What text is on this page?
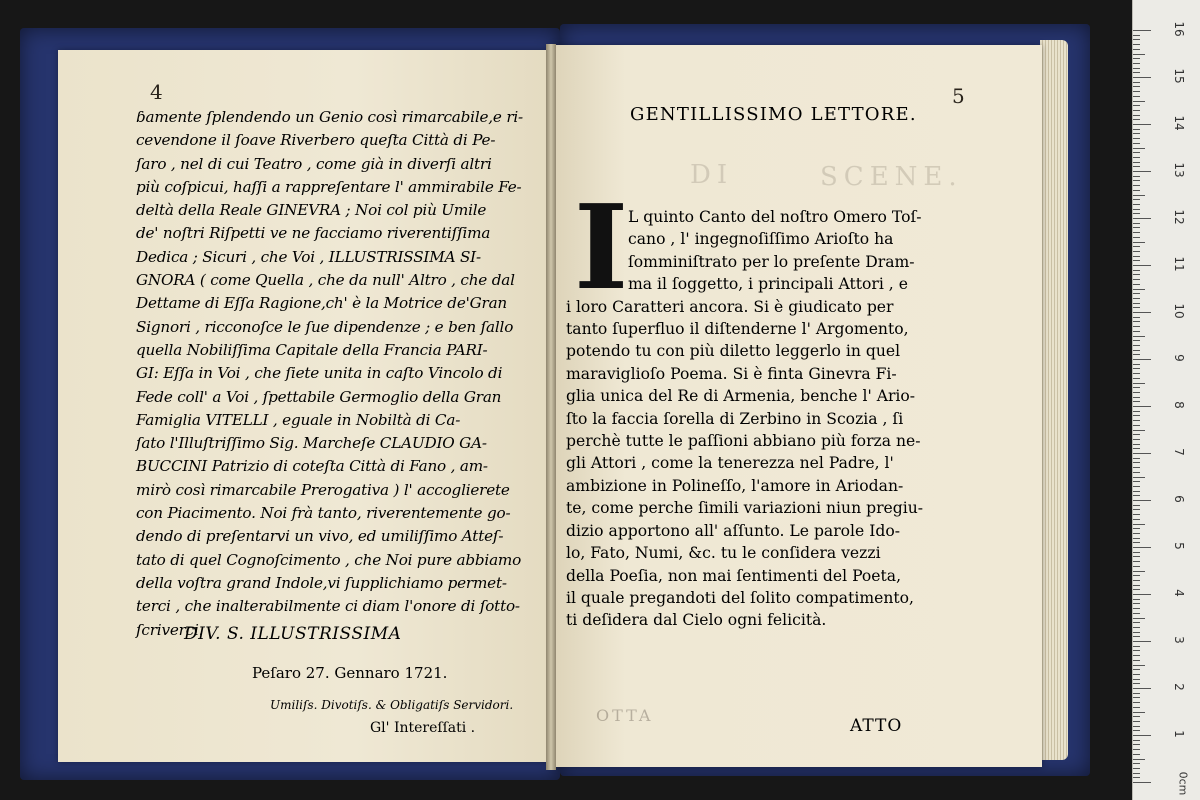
4
ɓamente ſplendendo un Genio così rimarcabile,e ri-
cevendone il ſoave Riverbero queſta Città di Pe-
ſaro , nel di cui Teatro , come già in diverſi altri
più coſpicui, haſſi a rappreſentare l' ammirabile Fe-
deltà della Reale GINEVRA ; Noi col più Umile
de' noſtri Riſpetti ve ne facciamo riverentiſſima
Dedica ; Sicuri , che Voi , ILLUSTRISSIMA SI-
GNORA ( come Quella , che da null' Altro , che dal
Dettame di Eſſa Ragione,ch' è la Motrice de'Gran
Signori , ricconoſce le ſue dipendenze ; e ben ſallo
quella Nobiliſſima Capitale della Francia PARI-
GI: Eſſa in Voi , che ſiete unita in caſto Vincolo di
Fede coll' a Voi , ſpettabile Germoglio della Gran
Famiglia VITELLI , eguale in Nobiltà di Ca-
ſato l'Illuſtriſſimo Sig. Marcheſe CLAUDIO GA-
BUCCINI Patrizio di coteſta Città di Fano , am-
mirò così rimarcabile Prerogativa ) l' accoglierete
con Piacimento. Noi frà tanto, riverentemente go-
dendo di preſentarvi un vivo, ed umiliſſimo Atteſ-
tato di quel Cognoſcimento , che Noi pure abbiamo
della voſtra grand Indole,vi ſupplichiamo permet-
terci , che inalterabilmente ci diam l'onore di ſotto-
ſcriverci.
DIV. S. ILLUSTRISSIMA
Peſaro 27. Gennaro 1721.
Umiliſs. Divotiſs. & Obligatiſs Servidori.
Gl' Intereſſati .
5
GENTILLISSIMO LETTORE.
DI	SCENE.
I L quinto Canto del noſtro Omero Toſ-
cano , l' ingegnoſiſſimo Arioſto ha
ſomminiſtrato per lo preſente Dram-
ma il ſoggetto, i principali Attori , e
i loro Caratteri ancora. Si è giudicato per
tanto ſuperfluo il diſtenderne l' Argomento,
potendo tu con più diletto leggerlo in quel
maraviglioſo Poema. Si è finta Ginevra Fi-
glia unica del Re di Armenia, benche l' Ario-
ſto la faccia ſorella di Zerbino in Scozia , ſi
perchè tutte le paſſioni abbiano più forza ne-
gli Attori , come la tenerezza nel Padre, l'
ambizione in Polineſſo, l'amore in Ariodan-
te, come perche ſimili variazioni niun pregiu-
dizio apportono all' aſſunto. Le parole Ido-
lo, Fato, Numi, &c. tu le conſidera vezzi
della Poeſia, non mai ſentimenti del Poeta,
il quale pregandoti del ſolito compatimento,
ti deſidera dal Cielo ogni felicità.
OTTA
ATTO
0cm
16
15
14
13
12
11
10
9
8
7
6
5
4
3
2
1
